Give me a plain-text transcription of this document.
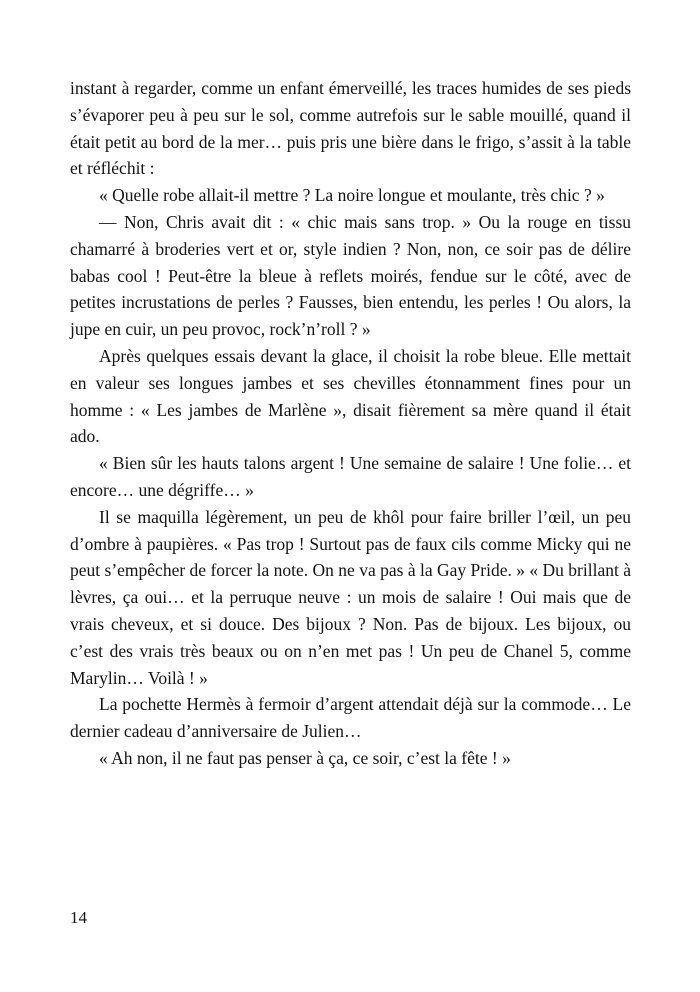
instant à regarder, comme un enfant émerveillé, les traces humides de ses pieds s’évaporer peu à peu sur le sol, comme autrefois sur le sable mouillé, quand il était petit au bord de la mer… puis pris une bière dans le frigo, s’assit à la table et réfléchit :

« Quelle robe allait-il mettre ? La noire longue et moulante, très chic ? »

— Non, Chris avait dit : « chic mais sans trop. » Ou la rouge en tissu chamarré à broderies vert et or, style indien ? Non, non, ce soir pas de délire babas cool ! Peut-être la bleue à reflets moirés, fendue sur le côté, avec de petites incrustations de perles ? Fausses, bien entendu, les perles ! Ou alors, la jupe en cuir, un peu provoc, rock’n’roll ? »

Après quelques essais devant la glace, il choisit la robe bleue. Elle mettait en valeur ses longues jambes et ses chevilles étonnamment fines pour un homme : « Les jambes de Marlène », disait fièrement sa mère quand il était ado.

« Bien sûr les hauts talons argent ! Une semaine de salaire ! Une folie… et encore… une dégriffe… »

Il se maquilla légèrement, un peu de khôl pour faire briller l’œil, un peu d’ombre à paupières. « Pas trop ! Surtout pas de faux cils comme Micky qui ne peut s’empêcher de forcer la note. On ne va pas à la Gay Pride. » « Du brillant à lèvres, ça oui… et la perruque neuve : un mois de salaire ! Oui mais que de vrais cheveux, et si douce. Des bijoux ? Non. Pas de bijoux. Les bijoux, ou c’est des vrais très beaux ou on n’en met pas ! Un peu de Chanel 5, comme Marylin… Voilà ! »

La pochette Hermès à fermoir d’argent attendait déjà sur la commode… Le dernier cadeau d’anniversaire de Julien…

« Ah non, il ne faut pas penser à ça, ce soir, c’est la fête ! »

14
